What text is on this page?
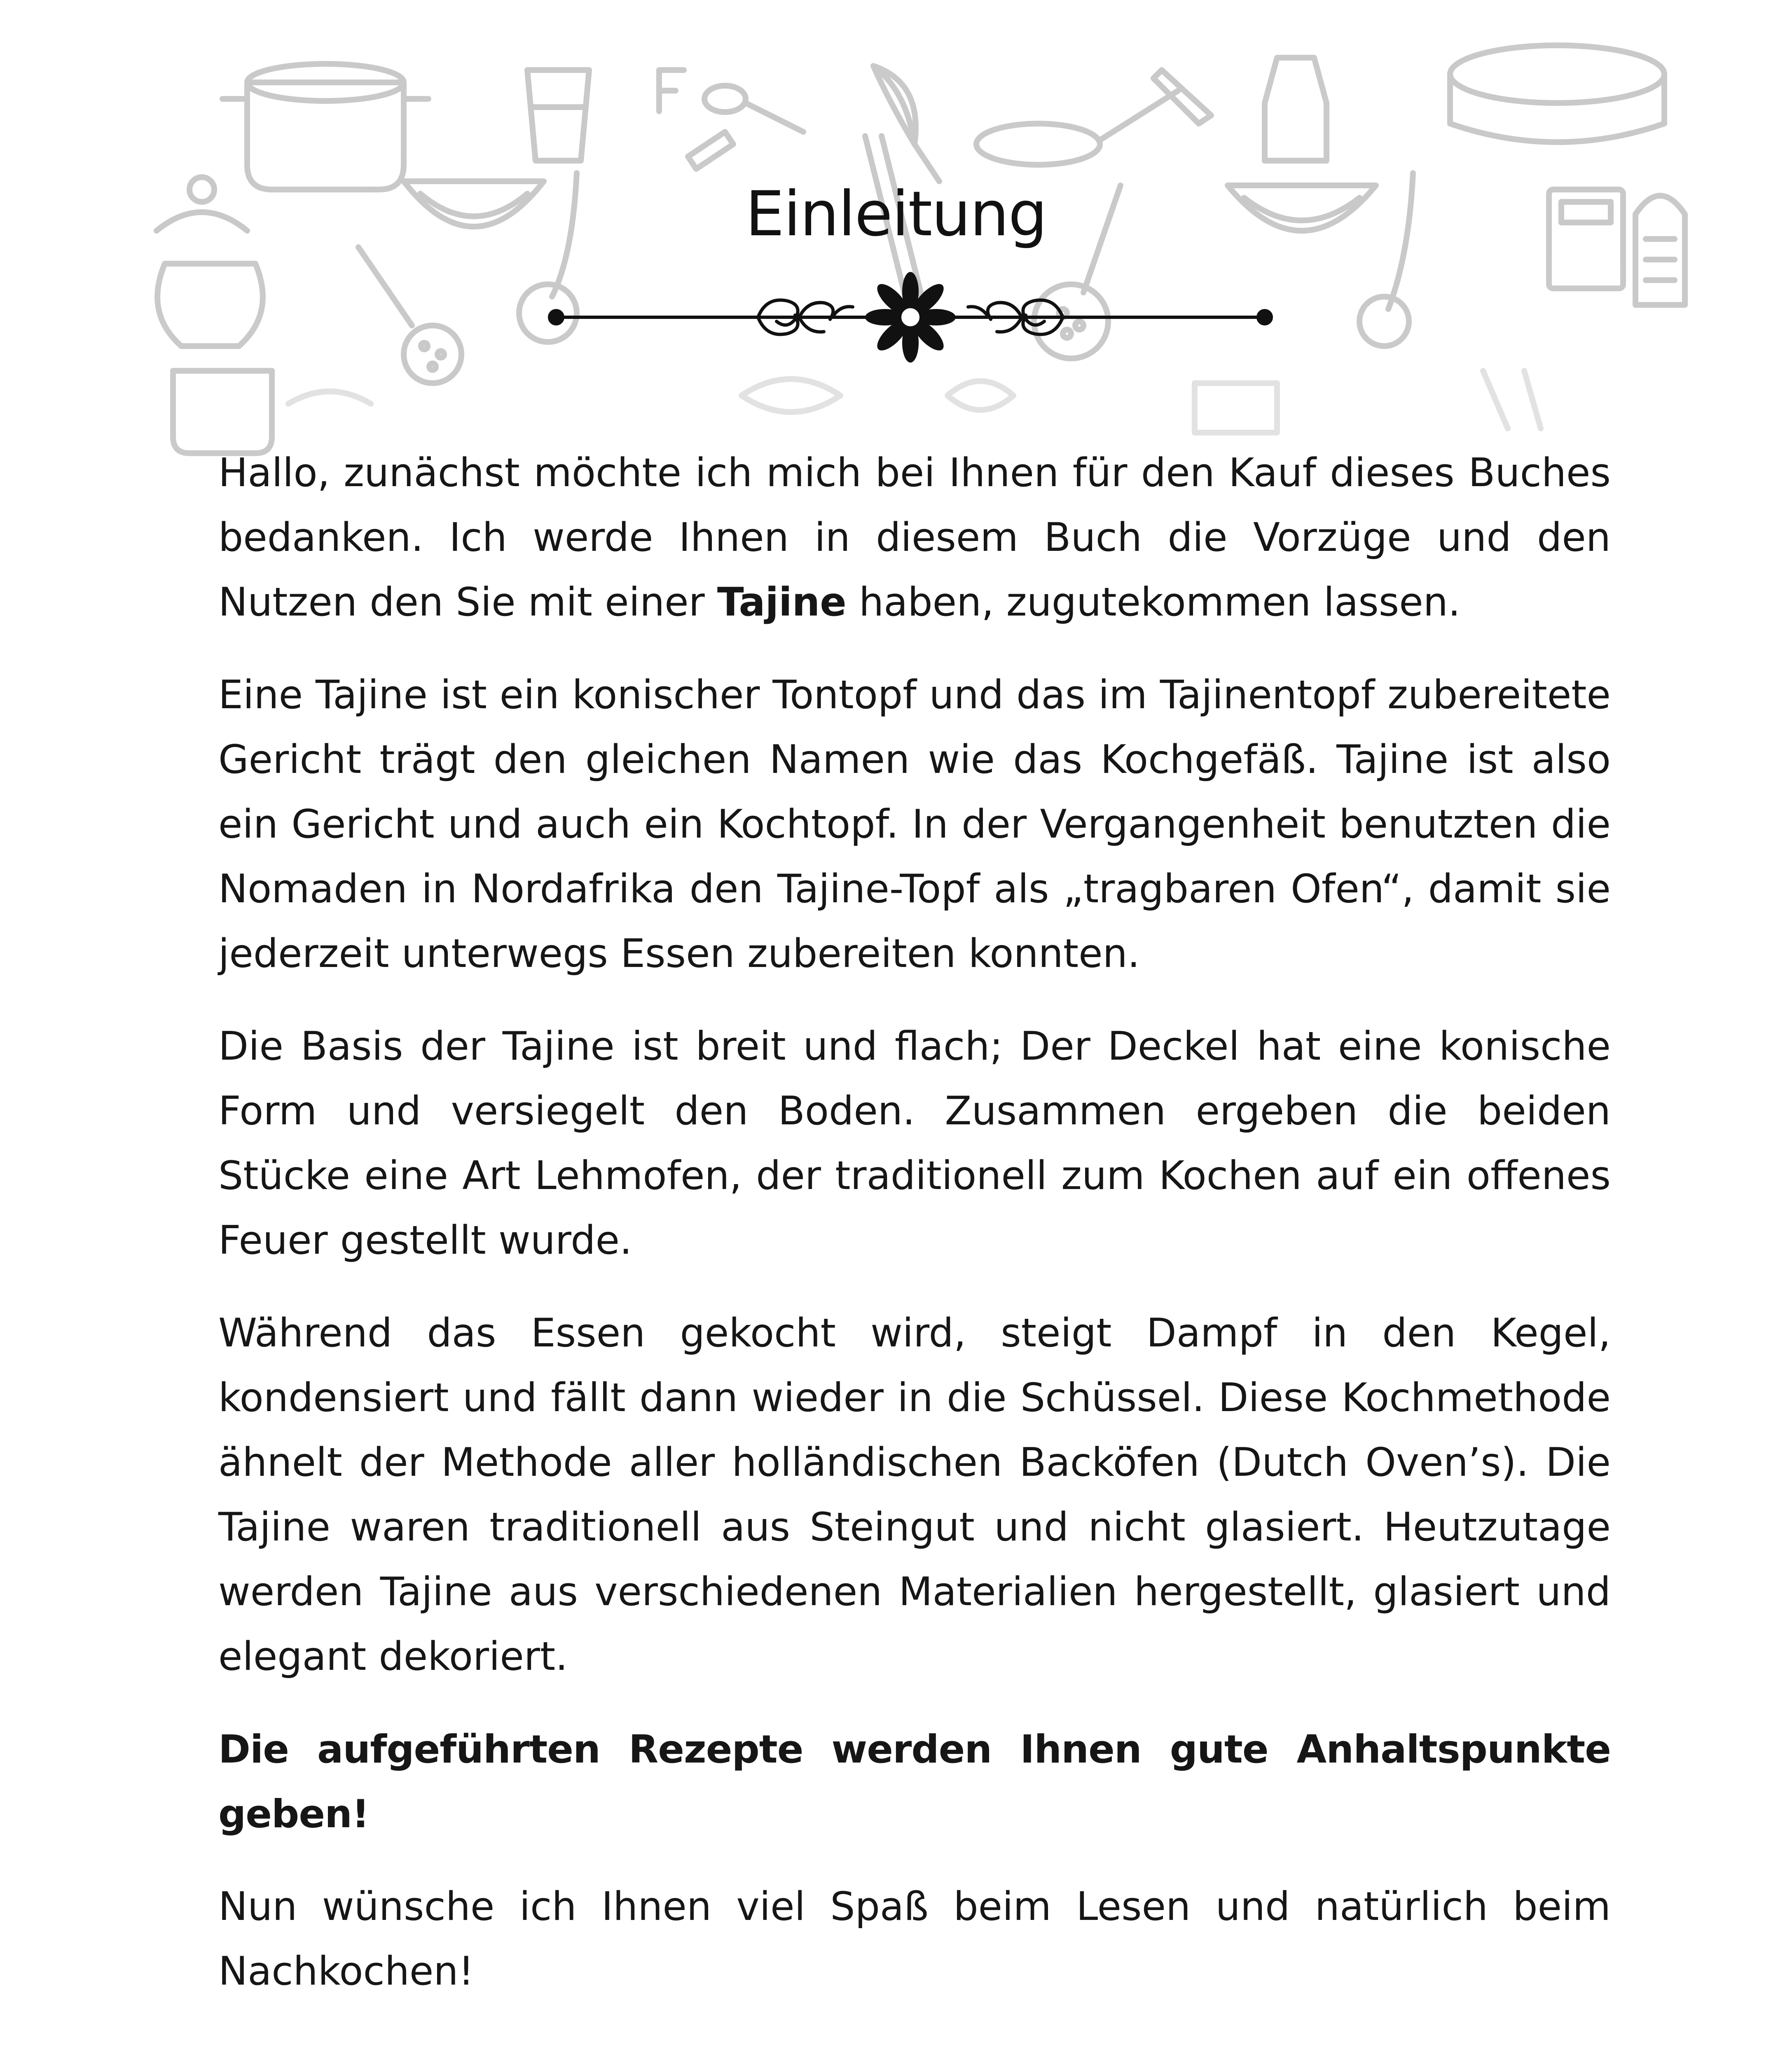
Einleitung

Hallo, zunächst möchte ich mich bei Ihnen für den Kauf dieses Buches bedanken. Ich werde Ihnen in diesem Buch die Vorzüge und den Nutzen den Sie mit einer Tajine haben, zugutekommen lassen.

Eine Tajine ist ein konischer Tontopf und das im Tajinentopf zubereitete Gericht trägt den gleichen Namen wie das Kochgefäß. Tajine ist also ein Gericht und auch ein Kochtopf. In der Vergangenheit benutzten die Nomaden in Nordafrika den Tajine-Topf als „tragbaren Ofen“, damit sie jederzeit unterwegs Essen zubereiten konnten.

Die Basis der Tajine ist breit und flach; Der Deckel hat eine konische Form und versiegelt den Boden. Zusammen ergeben die beiden Stücke eine Art Lehmofen, der traditionell zum Kochen auf ein offenes Feuer gestellt wurde.

Während das Essen gekocht wird, steigt Dampf in den Kegel, kondensiert und fällt dann wieder in die Schüssel. Diese Kochmethode ähnelt der Methode aller holländischen Backöfen (Dutch Oven’s). Die Tajine waren traditionell aus Steingut und nicht glasiert. Heutzutage werden Tajine aus verschiedenen Materialien hergestellt, glasiert und elegant dekoriert.

Die aufgeführten Rezepte werden Ihnen gute Anhaltspunkte geben!

Nun wünsche ich Ihnen viel Spaß beim Lesen und natürlich beim Nachkochen!
